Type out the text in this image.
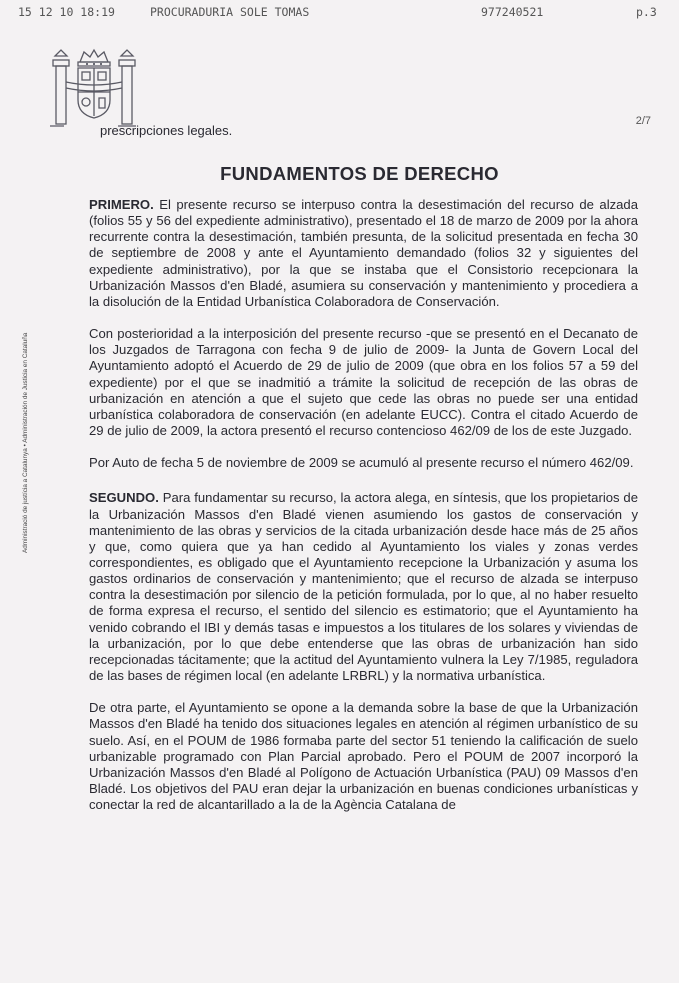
15 12 10 18:19	PROCURADURIA SOLE TOMAS	977240521	p.3
prescripciones legales.
2/7
Administració de justícia a Catalunya • Administración de Justicia en Cataluña
FUNDAMENTOS DE DERECHO

PRIMERO. El presente recurso se interpuso contra la desestimación del recurso de alzada (folios 55 y 56 del expediente administrativo), presentado el 18 de marzo de 2009 por la ahora recurrente contra la desestimación, también presunta, de la solicitud presentada en fecha 30 de septiembre de 2008 y ante el Ayuntamiento demandado (folios 32 y siguientes del expediente administrativo), por la que se instaba que el Consistorio recepcionara la Urbanización Massos d'en Bladé, asumiera su conservación y mantenimiento y procediera a la disolución de la Entidad Urbanística Colaboradora de Conservación.

Con posterioridad a la interposición del presente recurso -que se presentó en el Decanato de los Juzgados de Tarragona con fecha 9 de julio de 2009- la Junta de Govern Local del Ayuntamiento adoptó el Acuerdo de 29 de julio de 2009 (que obra en los folios 57 a 59 del expediente) por el que se inadmitió a trámite la solicitud de recepción de las obras de urbanización en atención a que el sujeto que cede las obras no puede ser una entidad urbanística colaboradora de conservación (en adelante EUCC). Contra el citado Acuerdo de 29 de julio de 2009, la actora presentó el recurso contencioso 462/09 de los de este Juzgado.

Por Auto de fecha 5 de noviembre de 2009 se acumuló al presente recurso el número 462/09.

SEGUNDO. Para fundamentar su recurso, la actora alega, en síntesis, que los propietarios de la Urbanización Massos d'en Bladé vienen asumiendo los gastos de conservación y mantenimiento de las obras y servicios de la citada urbanización desde hace más de 25 años y que, como quiera que ya han cedido al Ayuntamiento los viales y zonas verdes correspondientes, es obligado que el Ayuntamiento recepcione la Urbanización y asuma los gastos ordinarios de conservación y mantenimiento; que el recurso de alzada se interpuso contra la desestimación por silencio de la petición formulada, por lo que, al no haber resuelto de forma expresa el recurso, el sentido del silencio es estimatorio; que el Ayuntamiento ha venido cobrando el IBI y demás tasas e impuestos a los titulares de los solares y viviendas de la urbanización, por lo que debe entenderse que las obras de urbanización han sido recepcionadas tácitamente; que la actitud del Ayuntamiento vulnera la Ley 7/1985, reguladora de las bases de régimen local (en adelante LRBRL) y la normativa urbanística.

De otra parte, el Ayuntamiento se opone a la demanda sobre la base de que la Urbanización Massos d'en Bladé ha tenido dos situaciones legales en atención al régimen urbanístico de su suelo. Así, en el POUM de 1986 formaba parte del sector 51 teniendo la calificación de suelo urbanizable programado con Plan Parcial aprobado. Pero el POUM de 2007 incorporó la Urbanización Massos d'en Bladé al Polígono de Actuación Urbanística (PAU) 09 Massos d'en Bladé. Los objetivos del PAU eran dejar la urbanización en buenas condiciones urbanísticas y conectar la red de alcantarillado a la de la Agència Catalana de
